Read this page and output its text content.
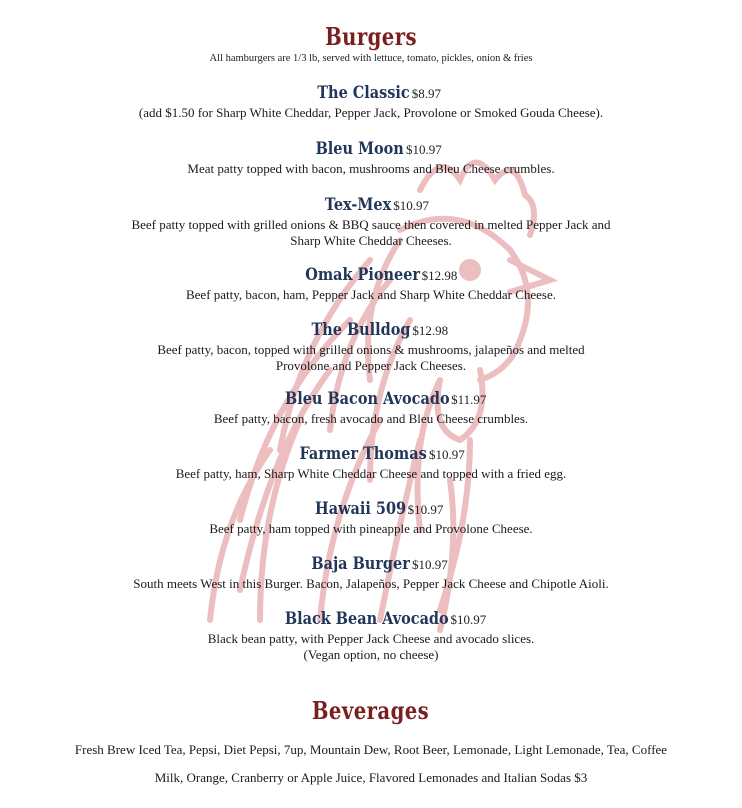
Burgers
All hamburgers are 1/3 lb, served with lettuce, tomato, pickles, onion & fries
The Classic $8.97
(add $1.50 for Sharp White Cheddar, Pepper Jack, Provolone or Smoked Gouda Cheese).
Bleu Moon $10.97
Meat patty topped with bacon, mushrooms and Bleu Cheese crumbles.
Tex-Mex $10.97
Beef patty topped with grilled onions & BBQ sauce then covered in melted Pepper Jack and
Sharp White Cheddar Cheeses.
Omak Pioneer $12.98
Beef patty, bacon, ham, Pepper Jack and Sharp White Cheddar Cheese.
The Bulldog $12.98
Beef patty, bacon, topped with grilled onions & mushrooms, jalapeños and melted
Provolone and Pepper Jack Cheeses.
Bleu Bacon Avocado $11.97
Beef patty, bacon, fresh avocado and Bleu Cheese crumbles.
Farmer Thomas $10.97
Beef patty, ham, Sharp White Cheddar Cheese and topped with a fried egg.
Hawaii 509 $10.97
Beef patty, ham topped with pineapple and Provolone Cheese.
Baja Burger $10.97
South meets West in this Burger. Bacon, Jalapeños, Pepper Jack Cheese and Chipotle Aioli.
Black Bean Avocado $10.97
Black bean patty, with Pepper Jack Cheese and avocado slices.
(Vegan option, no cheese)
Beverages
Fresh Brew Iced Tea, Pepsi, Diet Pepsi, 7up, Mountain Dew, Root Beer, Lemonade, Light Lemonade, Tea, Coffee
Milk, Orange, Cranberry or Apple Juice, Flavored Lemonades and Italian Sodas $3
